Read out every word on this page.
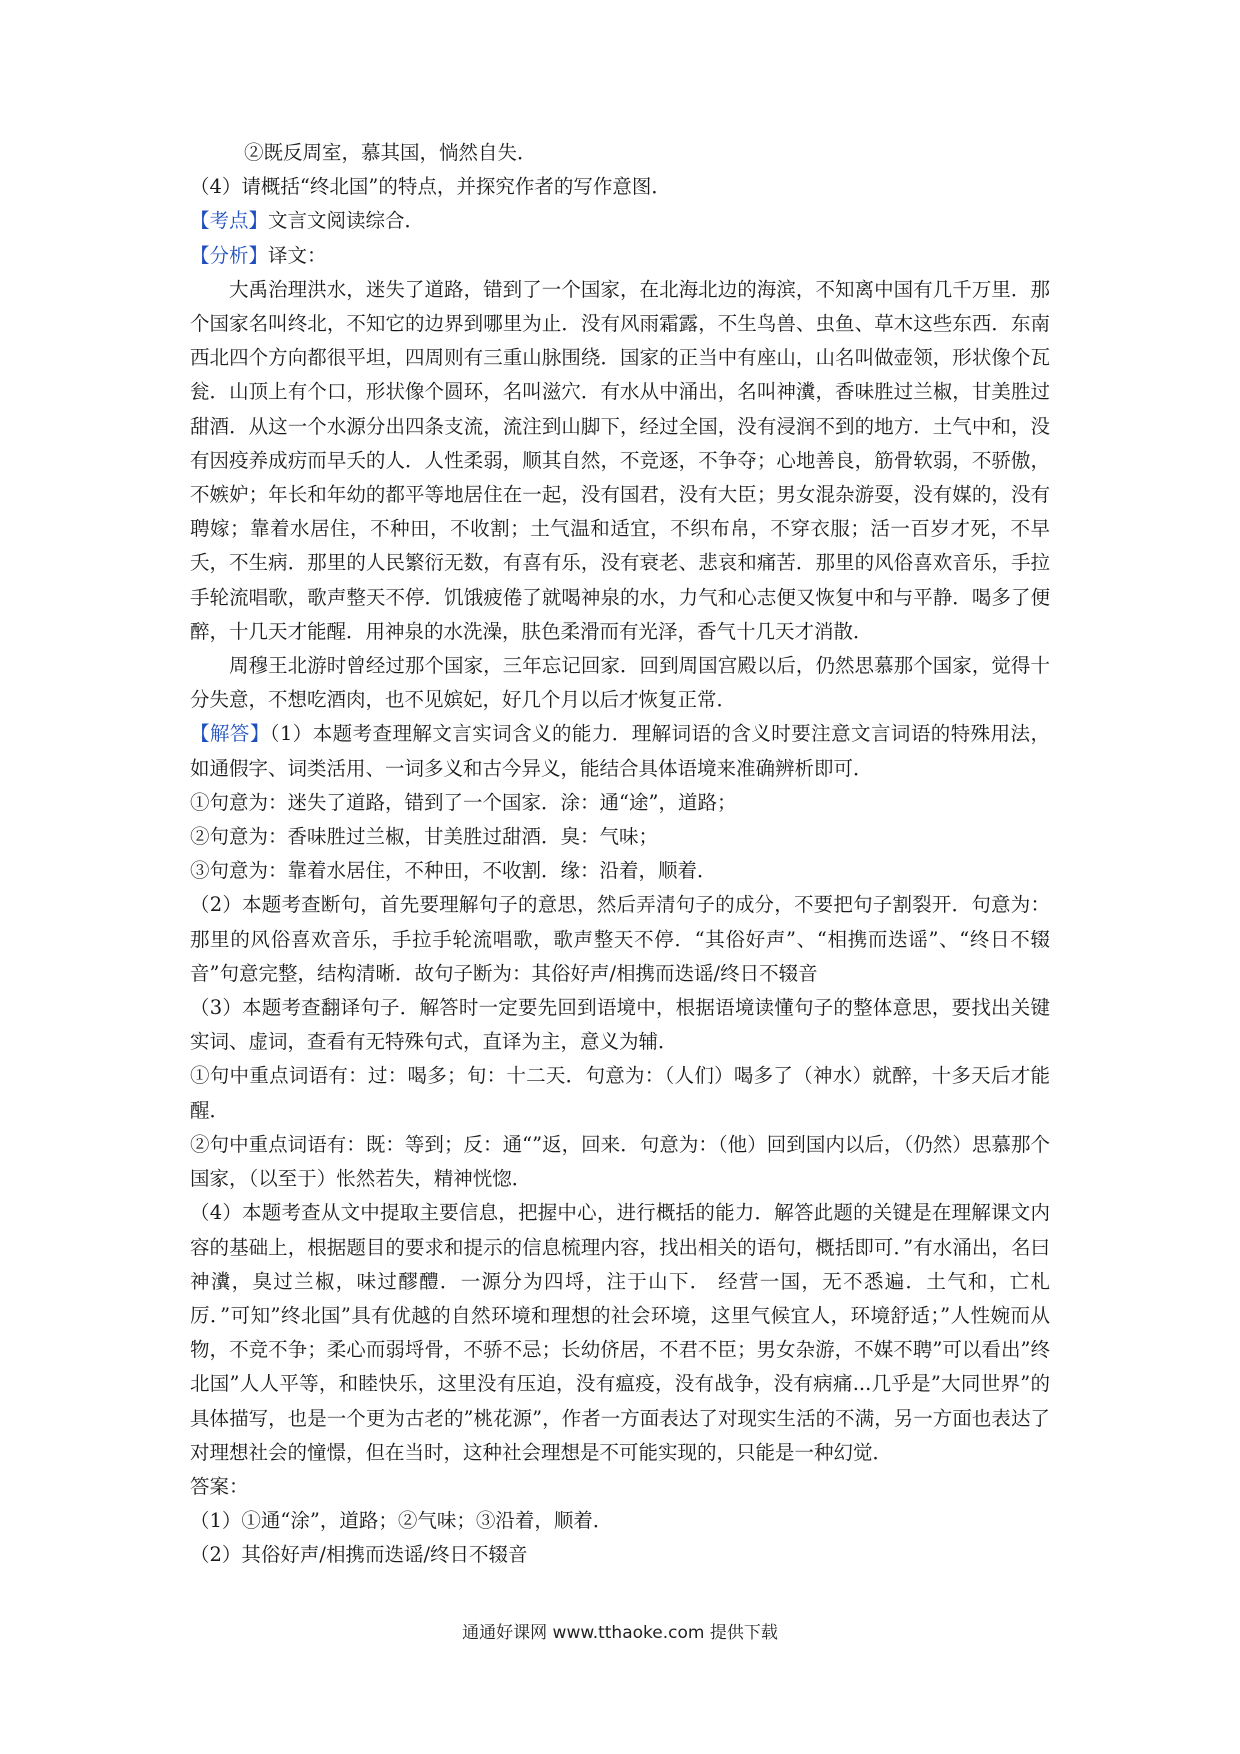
②既反周室，慕其国，惝然自失．

（4）请概括“终北国”的特点，并探究作者的写作意图．

【考点】文言文阅读综合．

【分析】译文：

大禹治理洪水，迷失了道路，错到了一个国家，在北海北边的海滨，不知离中国有几千万里．那个国家名叫终北，不知它的边界到哪里为止．没有风雨霜露，不生鸟兽、虫鱼、草木这些东西．东南西北四个方向都很平坦，四周则有三重山脉围绕．国家的正当中有座山，山名叫做壶领，形状像个瓦瓮．山顶上有个口，形状像个圆环，名叫滋穴．有水从中涌出，名叫神瀵，香味胜过兰椒，甘美胜过甜酒．从这一个水源分出四条支流，流注到山脚下，经过全国，没有浸润不到的地方．土气中和，没有因疫养成疠而早夭的人．人性柔弱，顺其自然，不竞逐，不争夺；心地善良，筋骨软弱，不骄傲，不嫉妒；年长和年幼的都平等地居住在一起，没有国君，没有大臣；男女混杂游耍，没有媒的，没有聘嫁；靠着水居住，不种田，不收割；土气温和适宜，不织布帛，不穿衣服；活一百岁才死，不早夭，不生病．那里的人民繁衍无数，有喜有乐，没有衰老、悲哀和痛苦．那里的风俗喜欢音乐，手拉手轮流唱歌，歌声整天不停．饥饿疲倦了就喝神泉的水，力气和心志便又恢复中和与平静．喝多了便醉，十几天才能醒．用神泉的水洗澡，肤色柔滑而有光泽，香气十几天才消散．

周穆王北游时曾经过那个国家，三年忘记回家．回到周国宫殿以后，仍然思慕那个国家，觉得十分失意，不想吃酒肉，也不见嫔妃，好几个月以后才恢复正常．

【解答】（1）本题考查理解文言实词含义的能力．理解词语的含义时要注意文言词语的特殊用法，如通假字、词类活用、一词多义和古今异义，能结合具体语境来准确辨析即可．

①句意为：迷失了道路，错到了一个国家．涂：通“途”，道路；

②句意为：香味胜过兰椒，甘美胜过甜酒．臭：气味；

③句意为：靠着水居住，不种田，不收割．缘：沿着，顺着．

（2）本题考查断句，首先要理解句子的意思，然后弄清句子的成分，不要把句子割裂开．句意为：那里的风俗喜欢音乐，手拉手轮流唱歌，歌声整天不停．“其俗好声”、“相携而迭谣”、“终日不辍音”句意完整，结构清晰．故句子断为：其俗好声/相携而迭谣/终日不辍音

（3）本题考查翻译句子．解答时一定要先回到语境中，根据语境读懂句子的整体意思，要找出关键实词、虚词，查看有无特殊句式，直译为主，意义为辅．

①句中重点词语有：过：喝多；旬：十二天．句意为：（人们）喝多了（神水）就醉，十多天后才能醒．

②句中重点词语有：既：等到；反：通“”返，回来．句意为：（他）回到国内以后，（仍然）思慕那个国家，（以至于）怅然若失，精神恍惚．

（4）本题考查从文中提取主要信息，把握中心，进行概括的能力．解答此题的关键是在理解课文内容的基础上，根据题目的要求和提示的信息梳理内容，找出相关的语句，概括即可．”有水涌出，名曰神瀵，臭过兰椒，味过醪醴．一源分为四埒，注于山下． 经营一国，无不悉遍．土气和，亡札厉．”可知”终北国”具有优越的自然环境和理想的社会环境，这里气候宜人，环境舒适；”人性婉而从物，不竞不争；柔心而弱埒骨，不骄不忌；长幼侪居，不君不臣；男女杂游，不媒不聘”可以看出”终北国”人人平等，和睦快乐，这里没有压迫，没有瘟疫，没有战争，没有病痛...几乎是”大同世界”的具体描写，也是一个更为古老的”桃花源”，作者一方面表达了对现实生活的不满，另一方面也表达了对理想社会的憧憬，但在当时，这种社会理想是不可能实现的，只能是一种幻觉．

答案：

（1）①通“涂”，道路；②气味；③沿着，顺着．

（2）其俗好声/相携而迭谣/终日不辍音

通通好课网 www.tthaoke.com 提供下载
